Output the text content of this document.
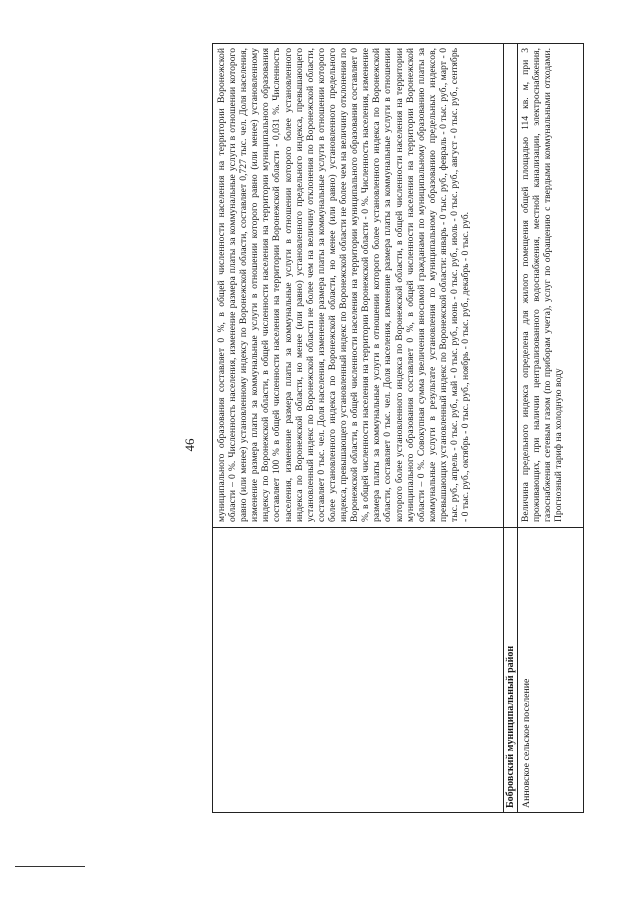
46 муниципального образования составляет 0 %, в общей численности населения на территории Воронежской области – 0 %. Численность населения, изменение размера платы за коммунальные услуги в отношении которого равно (или менее) установленному индексу по Воронежской области, составляет 0,727 тыс. чел. Доля населения, изменение размера платы за коммунальные услуги в отношении которого равно (или менее) установленному индексу по Воронежской области, в общей численности населения на территории муниципального образования составляет 100 % в общей численности населения на территории Воронежской области - 0,031 %. Численность населения, изменение размера платы за коммунальные услуги в отношении которого более установленного индекса по Воронежской области, но менее (или равно) установленного предельного индекса, превышающего установленный индекс по Воронежской области не более чем на величину отклонения по Воронежской области, составляет 0 тыс. чел. Доля населения, изменение размера платы за коммунальные услуги в отношении которого более установленного индекса по Воронежской области, но менее (или равно) установленного предельного индекса, превышающего установленный индекс по Воронежской области не более чем на величину отклонения по Воронежской области, в общей численности населения на территории муниципального образования составляет 0 %, в общей численности населения на территории Воронежской области - 0 %. Численность населения, изменение размера платы за коммунальные услуги в отношении которого более установленного индекса по Воронежской области, составляет 0 тыс. чел. Доля населения, изменение размера платы за коммунальные услуги в отношении которого более установленного индекса по Воронежской области, в общей численности населения на территории муниципального образования составляет 0 %, в общей численности населения на территории Воронежской области – 0 %. Совокупная сумма увеличения вносимой гражданами по муниципальному образованию платы за коммунальные услуги в результате установления по муниципальному образованию предельных индексов, превышающих установленный индекс по Воронежской области: январь - 0 тыс. руб., февраль - 0 тыс. руб., март - 0 тыс. руб., апрель - 0 тыс. руб., май - 0 тыс. руб., июнь - 0 тыс. руб., июль - 0 тыс. руб., август - 0 тыс. руб., сентябрь - 0 тыс. руб., октябрь - 0 тыс. руб., ноябрь - 0 тыс. руб., декабрь - 0 тыс. руб.

Бобровский муниципальный район Анновское сельское поселение
Величина предельного индекса определена для жилого помещения общей площадью 114 кв. м, при 3 проживающих, при наличии централизованного водоснабжения, местной канализации, электроснабжения, газоснабжения сетевым газом (по приборам учета), услуг по обращению с твердыми коммунальными отходами. Прогнозный тариф на холодную воду
